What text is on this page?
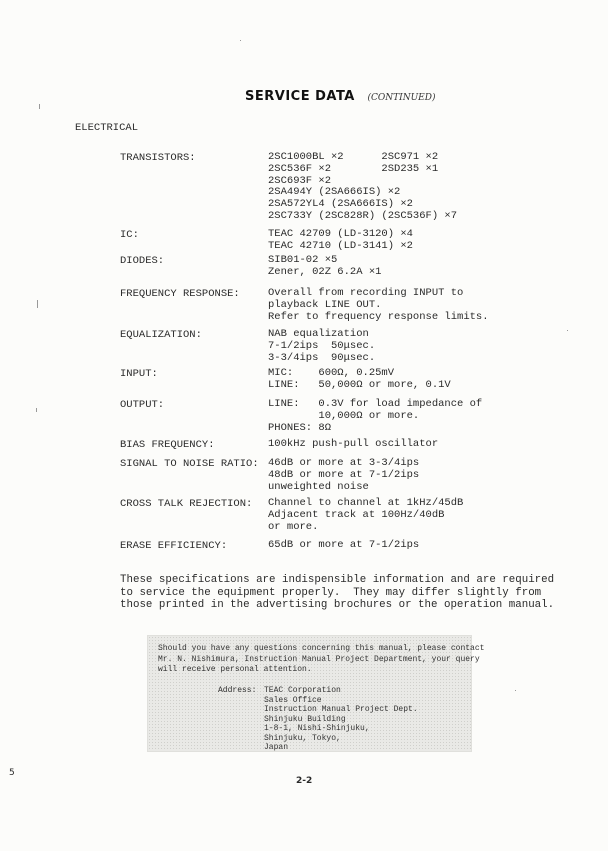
SERVICE DATA (CONTINUED)
ELECTRICAL
TRANSISTORS:	2SC1000BL ×2      2SC971 ×2
2SC536F ×2        2SD235 ×1
2SC693F ×2
2SA494Y (2SA666IS) ×2
2SA572YL4 (2SA666IS) ×2
2SC733Y (2SC828R) (2SC536F) ×7
IC:	TEAC 42709 (LD-3120) ×4
TEAC 42710 (LD-3141) ×2
DIODES:	SIB01-02 ×5
Zener, 02Z 6.2A ×1
FREQUENCY RESPONSE:	Overall from recording INPUT to
playback LINE OUT.
Refer to frequency response limits.
EQUALIZATION:	NAB equalization
7-1/2ips  50μsec.
3-3/4ips  90μsec.
INPUT:	MIC:    600Ω, 0.25mV
LINE:   50,000Ω or more, 0.1V
OUTPUT:	LINE:   0.3V for load impedance of
10,000Ω or more.
PHONES: 8Ω
BIAS FREQUENCY:	100kHz push-pull oscillator
SIGNAL TO NOISE RATIO: 46dB or more at 3-3/4ips
48dB or more at 7-1/2ips
unweighted noise
CROSS TALK REJECTION: Channel to channel at 1kHz/45dB
Adjacent track at 100Hz/40dB
or more.
ERASE EFFICIENCY:	65dB or more at 7-1/2ips
These specifications are indispensible information and are required
to service the equipment properly.  They may differ slightly from
those printed in the advertising brochures or the operation manual.
Should you have any questions concerning this manual, please contact
Mr. N. Nishimura, Instruction Manual Project Department, your query
will receive personal attention.
Address: TEAC Corporation
Sales Office
Instruction Manual Project Dept.
Shinjuku Building
1-8-1, Nishi-Shinjuku,
Shinjuku, Tokyo,
Japan
2-2
5
